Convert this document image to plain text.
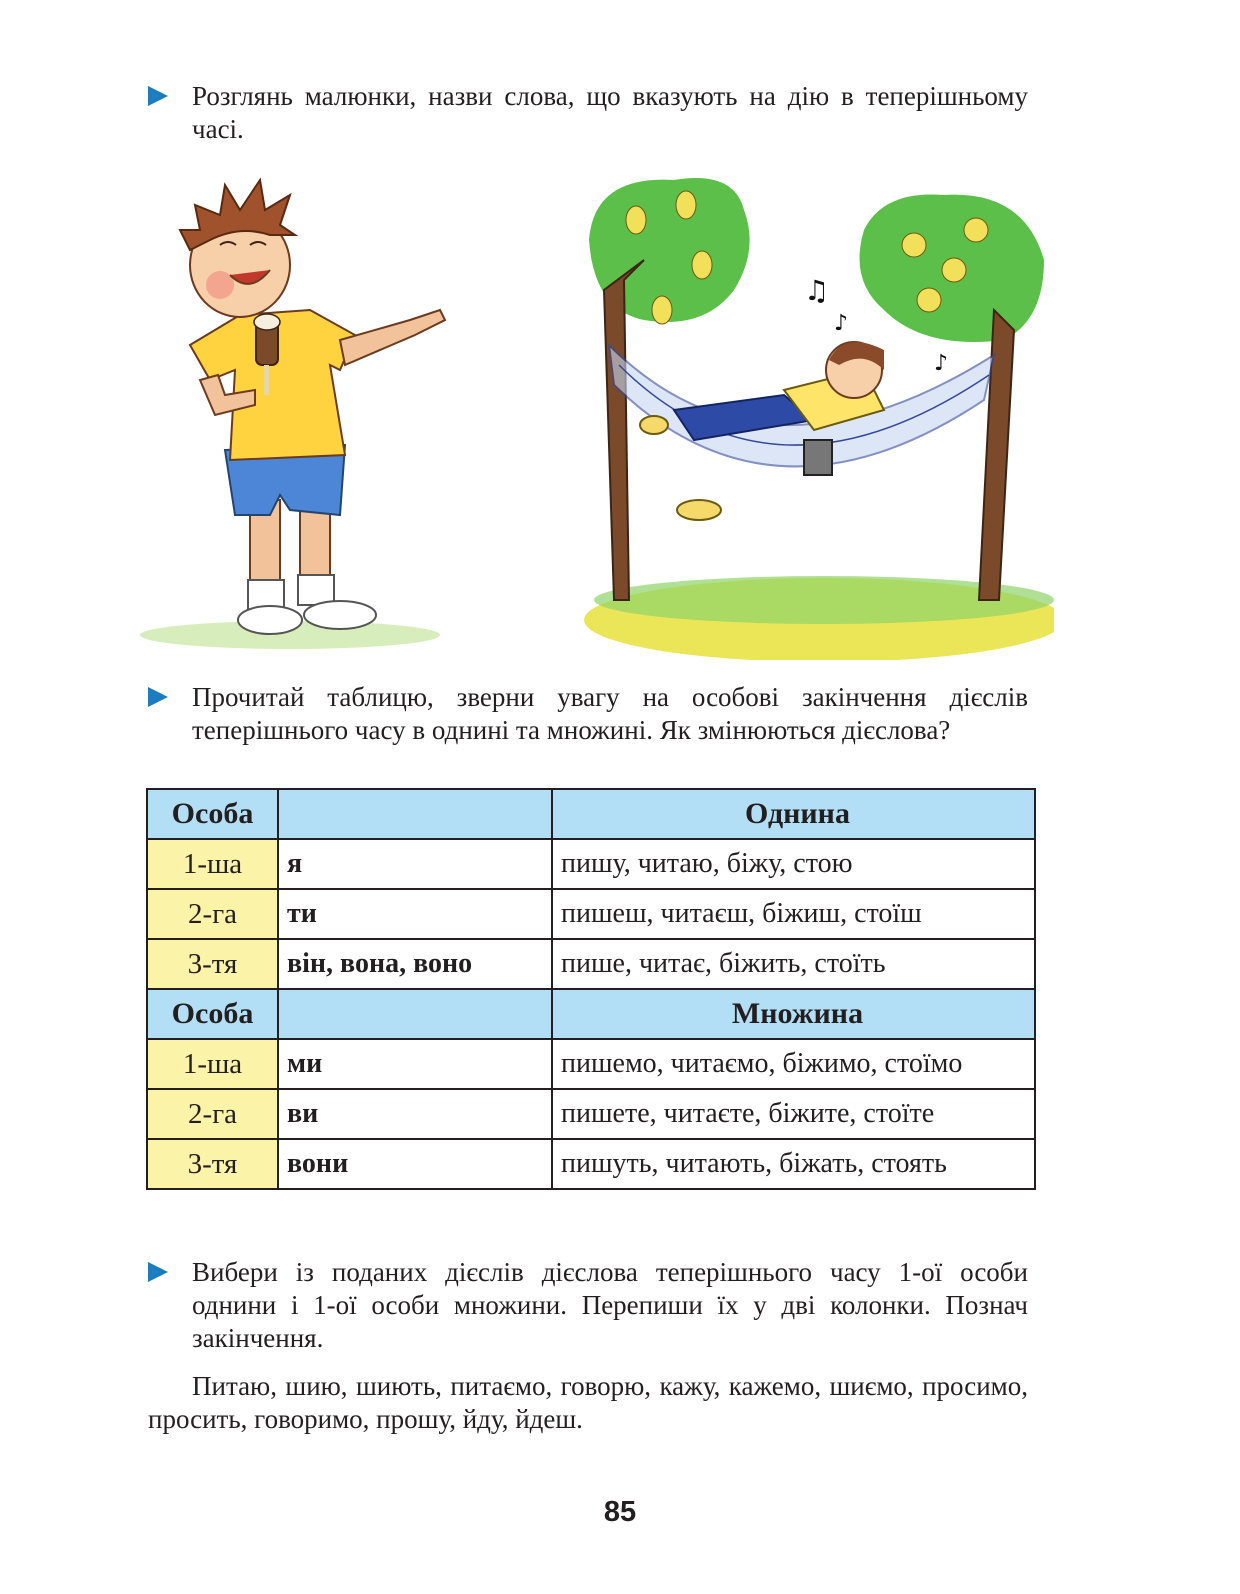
Розглянь малюнки, назви слова, що вказують на дію в теперішньому часі.
♫
♪
♪
Прочитай таблицю, зверни увагу на особові закінчення дієслів теперішнього часу в однині та множині. Як змінюються дієслова?
Особа		Однина
1-ша	я	пишу, читаю, біжу, стою
2-га	ти	пишеш, читаєш, біжиш, стоїш
3-тя	він, вона, воно	пише, читає, біжить, стоїть
Особа		Множина
1-ша	ми	пишемо, читаємо, біжимо, стоїмо
2-га	ви	пишете, читаєте, біжите, стоїте
3-тя	вони	пишуть, читають, біжать, стоять
Вибери із поданих дієслів дієслова теперішнього часу 1-ої особи однини і 1-ої особи множини. Перепиши їх у дві колонки. Познач закінчення.
Питаю, шию, шиють, питаємо, говорю, кажу, кажемо, шиємо, просимо, просить, говоримо, прошу, йду, йдеш.
85
